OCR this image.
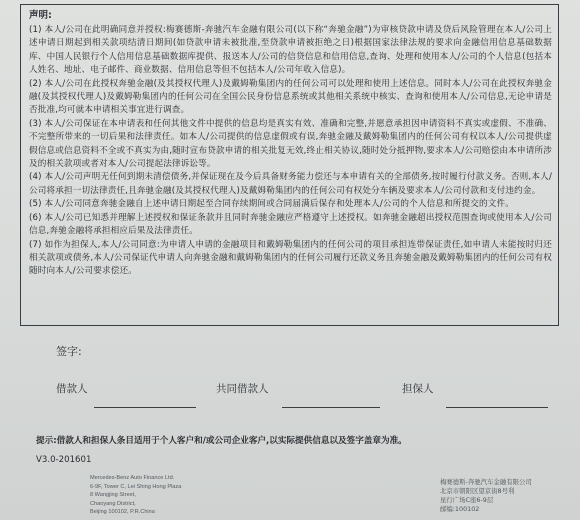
声明:

(1) 本人/公司在此明确同意并授权:梅赛德斯-奔驰汽车金融有限公司(以下称“奔驰金融”)为审核贷款申请及贷后风险管理在本人/公司上述申请日期起到相关款项结清日期间(如贷款申请未被批准,至贷款申请被拒绝之日)根据国家法律法规的要求向金融信用信息基础数据库、中国人民银行个人信用信息基础数据库提供、报送本人/公司的信贷信息和信用信息,查询、处理和使用本人/公司的个人信息(包括本人姓名、地址、电子邮件、商业数据、信用信息等但不包括本人/公司年收入信息)。

(2) 本人/公司在此授权奔驰金融(及其授权代理人)及戴姆勒集团内的任何公司可以处理和使用上述信息。同时本人/公司在此授权奔驰金融(及其授权代理人)及戴姆勒集团内的任何公司在全国公民身份信息系统或其他相关系统中核实、查询和使用本人/公司信息,无论申请是否批准,均可就本申请相关事宜进行调查。

(3) 本人/公司保证在本申请表和任何其他文件中提供的信息均是真实有效、准确和完整,并愿意承担因申请资料不真实或虚假、不准确、不完整所带来的一切后果和法律责任。如本人/公司提供的信息虚假或有误,奔驰金融及戴姆勒集团内的任何公司有权以本人/公司提供虚假信息或信息资料不全或不真实为由,随时宣布贷款申请的相关批复无效,终止相关协议,随时处分抵押物,要求本人/公司赔偿由本申请所涉及的相关款项或者对本人/公司提起法律诉讼等。

(4) 本人/公司声明无任何到期未清偿债务,并保证现在及今后具备财务能力偿还与本申请有关的全部债务,按时履行付款义务。否则,本人/公司将承担一切法律责任,且奔驰金融(及其授权代理人)及戴姆勒集团内的任何公司有权处分车辆及要求本人/公司付款和支付违约金。

(5) 本人/公司同意奔驰金融自上述申请日期起至合同存续期间或合同届满后保存和处理本人/公司的个人信息和所提交的文件。

(6) 本人/公司已知悉并理解上述授权和保证条款并且同时奔驰金融应严格遵守上述授权。如奔驰金融超出授权范围查询或使用本人/公司信息,奔驰金融将承担相应后果及法律责任。

(7) 如作为担保人,本人/公司同意:为申请人申请的金融项目和戴姆勒集团内的任何公司的项目承担连带保证责任,如申请人未能按时归还相关款项或债务,本人/公司保证代申请人向奔驰金融和戴姆勒集团内的任何公司履行还款义务且奔驰金融及戴姆勒集团内的任何公司有权随时向本人/公司要求偿还。

签字:
借款人	共同借款人	担保人
提示:借款人和担保人条目适用于个人客户和/或公司企业客户,以实际提供信息以及签字盖章为准。
V3.0-201601
Mercedes-Benz Auto Finance Ltd.
6-9F, Tower C, Lei Shing Hong Plaza
8 Wangjing Street,
Chaoyang District,
Beijing 100102, P.R.China
梅赛德斯-奔驰汽车金融有限公司
北京市朝阳区望京街8号利
星行广场C座6-9层
邮编:100102
